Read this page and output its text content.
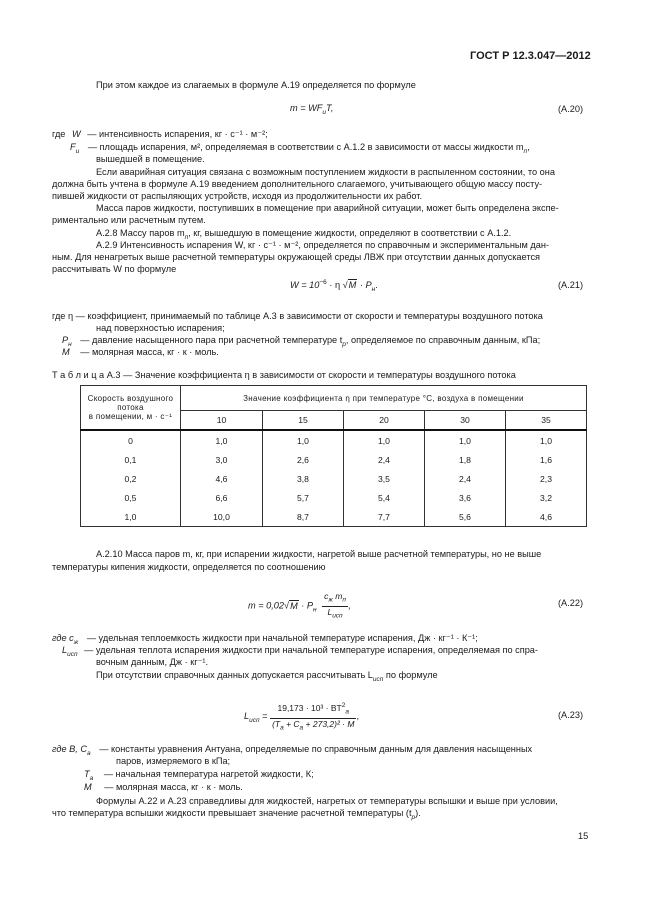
ГОСТ Р 12.3.047—2012
При этом каждое из слагаемых в формуле А.19 определяется по формуле
$m = WF_иT$,	(А.20)
где W — интенсивность испарения, кг · с⁻¹ · м⁻²;
$F_и$ — площадь испарения, м², определяемая в соответствии с А.1.2 в зависимости от массы жидкости $m_п$,
вышедшей в помещение.
Если аварийная ситуация связана с возможным поступлением жидкости в распыленном состоянии, то она
должна быть учтена в формуле А.19 введением дополнительного слагаемого, учитывающего общую массу посту-
пившей жидкости от распыляющих устройств, исходя из продолжительности их работ.
Масса паров жидкости, поступивших в помещение при аварийной ситуации, может быть определена экспе-
риментально или расчетным путем.
А.2.8 Массу паров $m_п$, кг, вышедшую в помещение жидкости, определяют в соответствии с А.1.2.
А.2.9 Интенсивность испарения W, кг · с⁻¹ · м⁻², определяется по справочным и экспериментальным дан-
ным. Для ненагретых выше расчетной температуры окружающей среды ЛВЖ при отсутствии данных допускается
рассчитывать W по формуле
$W = 10^{-6} \cdot \eta$ $√M \cdot P_н$.	(А.21)
где η — коэффициент, принимаемый по таблице А.3 в зависимости от скорости и температуры воздушного потока
над поверхностью испарения;
$P_н$ — давление насыщенного пара при расчетной температуре $t_р$, определяемое по справочным данным, кПа;
M — молярная масса, кг · к · моль.
Т а б л и ц а А.3 — Значение коэффициента η в зависимости от скорости и температуры воздушного потока
Скорость воздушного потока
в помещении, м · с⁻¹	Значение коэффициента η при температуре °С, воздуха в помещении				
	10	15	20	30	35
0	1,0	1,0	1,0	1,0	1,0
0,1	3,0	2,6	2,4	1,8	1,6
0,2	4,6	3,8	3,5	2,4	2,3
0,5	6,6	5,7	5,4	3,6	3,2
1,0	10,0	8,7	7,7	5,6	4,6
А.2.10 Масса паров m, кг, при испарении жидкости, нагретой выше расчетной температуры, но не выше
температуры кипения жидкости, определяется по соотношению
$m = 0,02√M \cdot P_н \frac{c_ж m_п}{L_{исп}}$ ,	(А.22)
где $c_ж$ — удельная теплоемкость жидкости при начальной температуре испарения, Дж · кг⁻¹ · К⁻¹;
$L_{исп}$ — удельная теплота испарения жидкости при начальной температуре испарения, определяемая по спра-
вочным данным, Дж · кг⁻¹.
При отсутствии справочных данных допускается рассчитывать $L_{исп}$ по формуле
$L_{исп} = \frac{19,173 \cdot 10^3 \cdot BT^2_a}{(T_a + C_a + 273,2)^2 \cdot M}$ ,	(А.23)
где B, $C_a$ — константы уравнения Антуана, определяемые по справочным данным для давления насыщенных
паров, измеряемого в кПа;
$T_a$ — начальная температура нагретой жидкости, К;
M — молярная масса, кг · к · моль.
Формулы А.22 и А.23 справедливы для жидкостей, нагретых от температуры вспышки и выше при условии,
что температура вспышки жидкости превышает значение расчетной температуры $(t_р)$.
15
